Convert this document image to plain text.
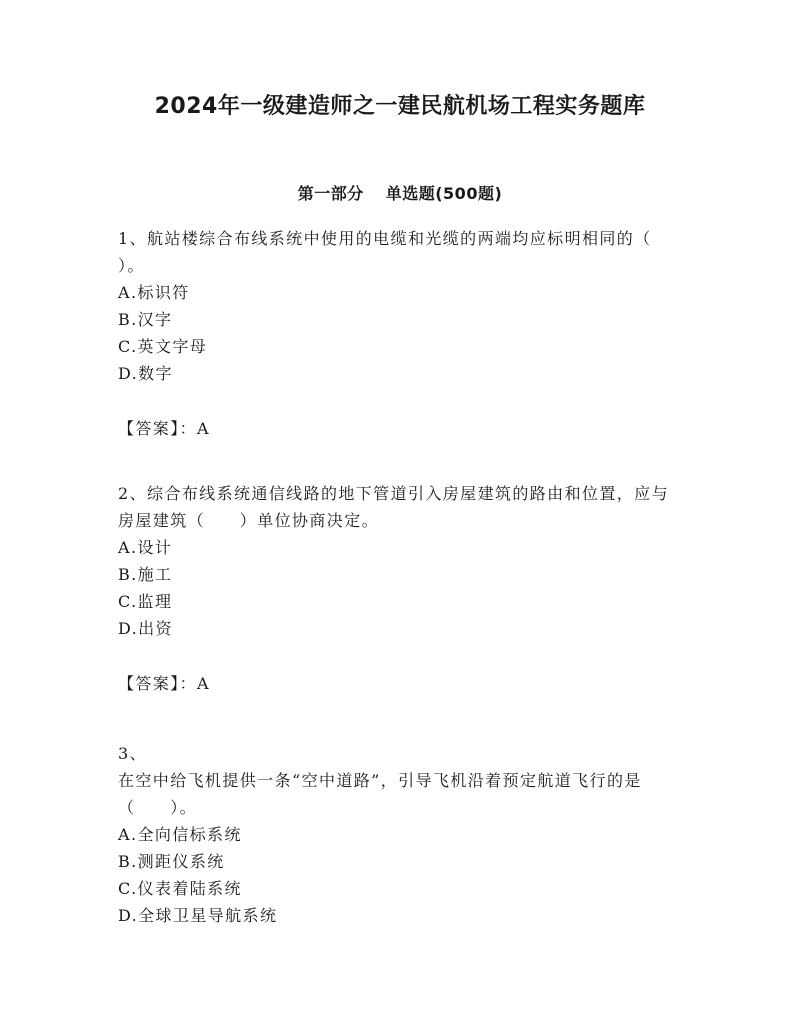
2024年一级建造师之一建民航机场工程实务题库
第一部分 单选题(500题)

1、航站楼综合布线系统中使用的电缆和光缆的两端均应标明相同的（ ）。

A.标识符
B.汉字
C.英文字母
D.数字
【答案】：A

2、综合布线系统通信线路的地下管道引入房屋建筑的路由和位置，应与房屋建筑（　　）单位协商决定。

A.设计
B.施工
C.监理
D.出资
【答案】：A
3、

在空中给飞机提供一条“空中道路”，引导飞机沿着预定航道飞行的是（　　）。

A.全向信标系统
B.测距仪系统
C.仪表着陆系统
D.全球卫星导航系统
